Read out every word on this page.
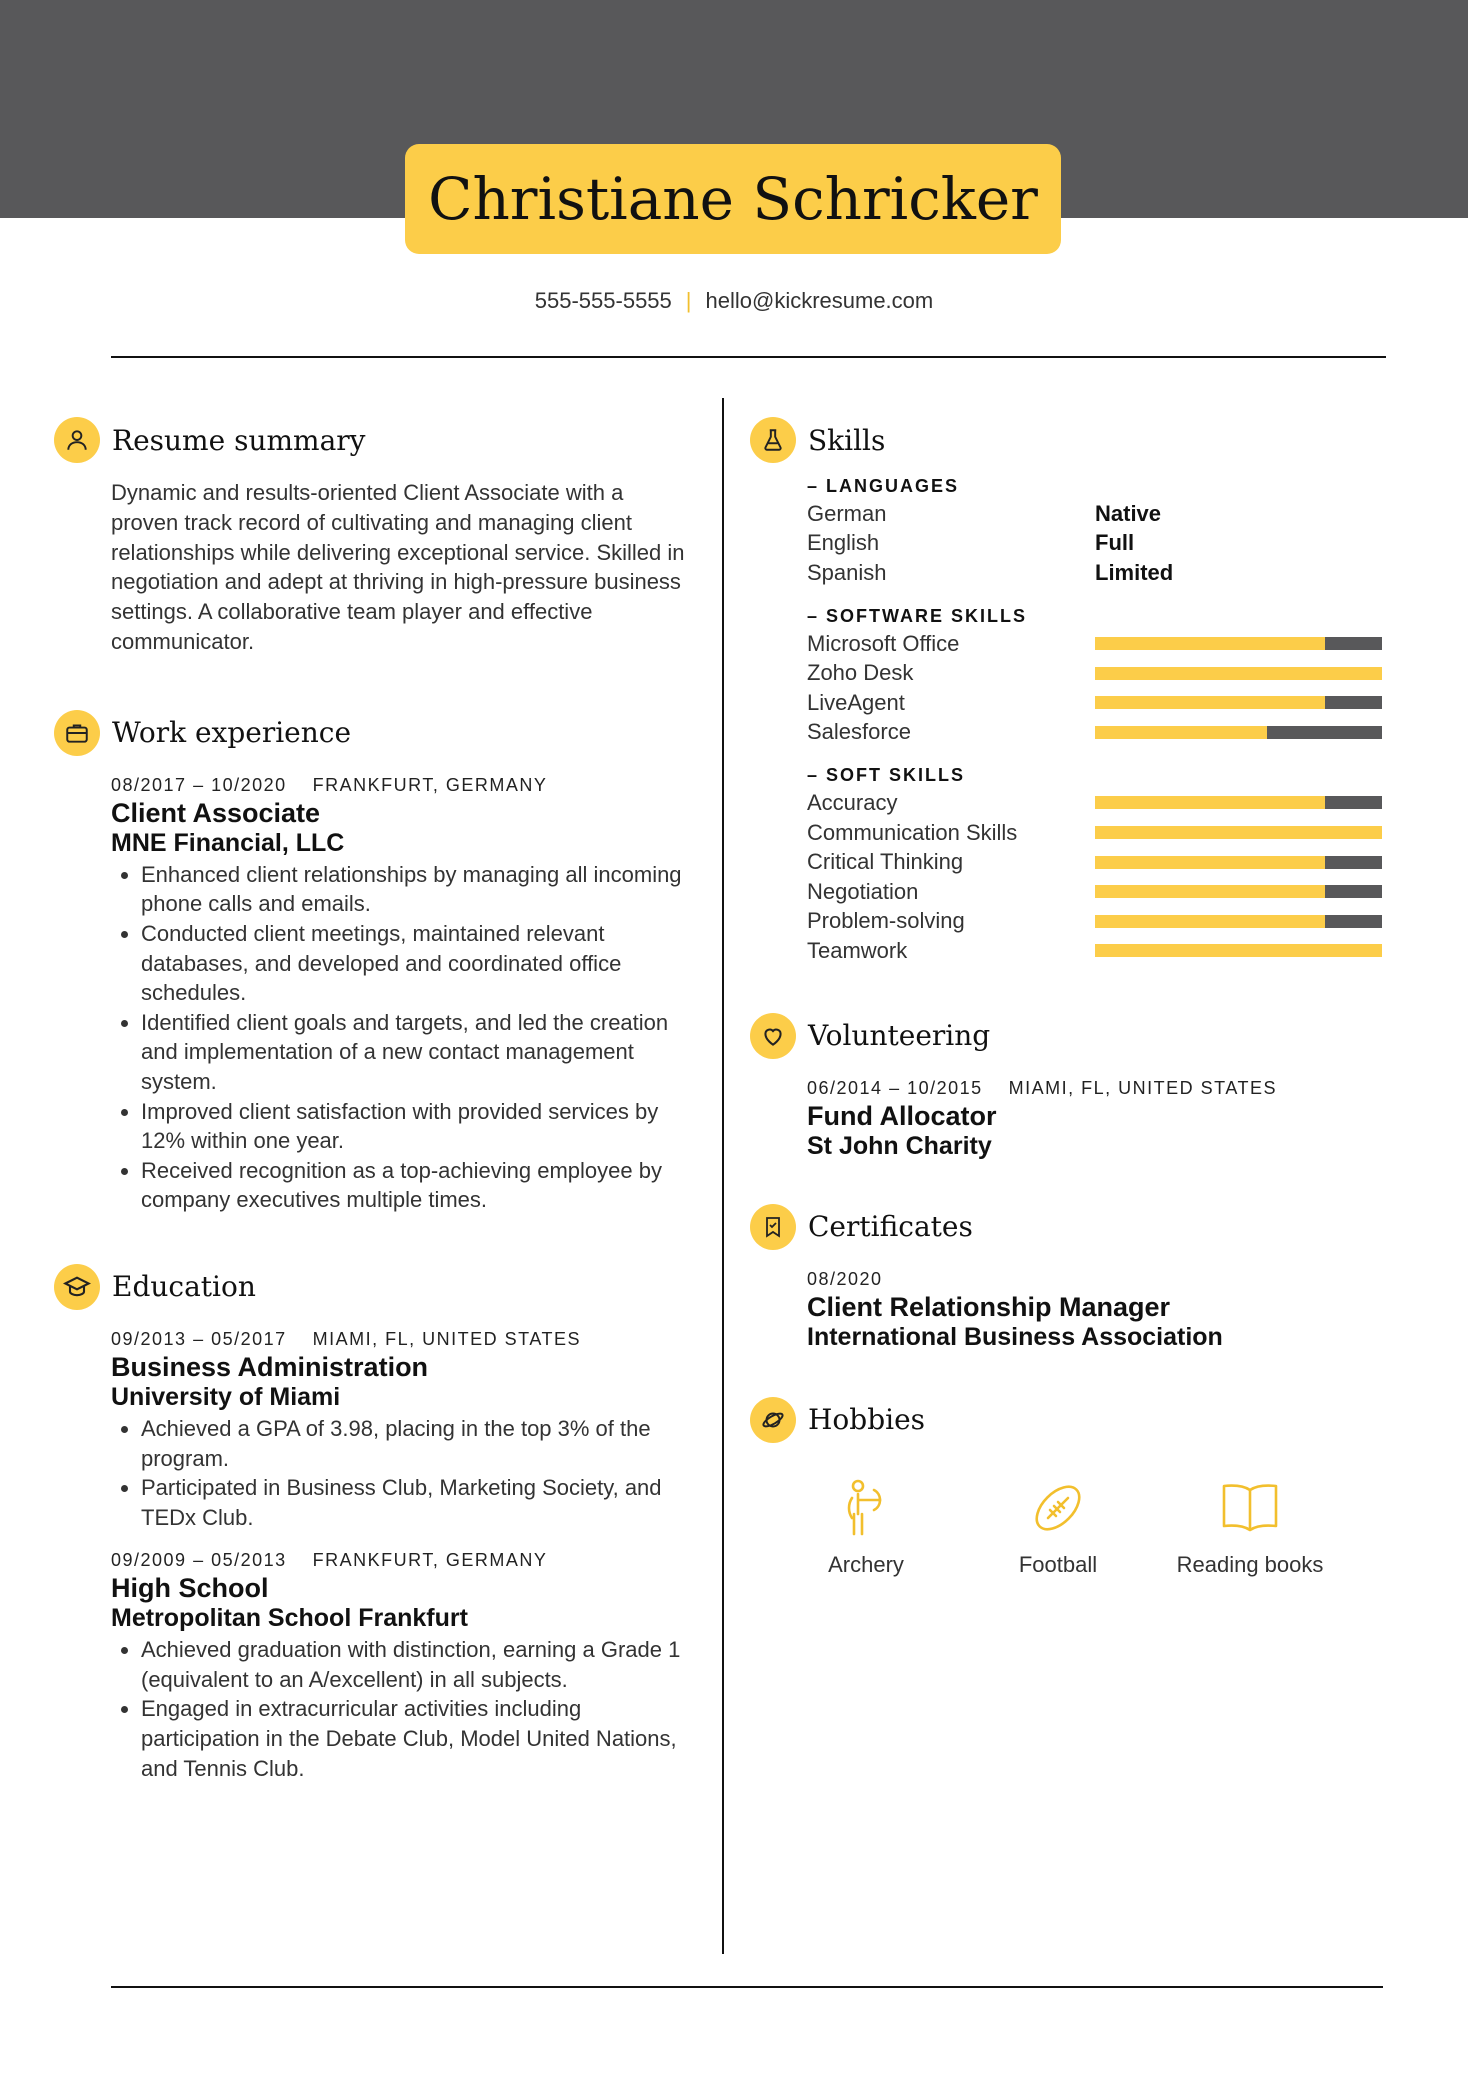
Christiane Schricker
555-555-5555 | hello@kickresume.com
Resume summary
Dynamic and results-oriented Client Associate with a proven track record of cultivating and managing client relationships while delivering exceptional service. Skilled in negotiation and adept at thriving in high-pressure business settings. A collaborative team player and effective communicator.
Work experience
08/2017 – 10/2020 FRANKFURT, GERMANY
Client Associate
MNE Financial, LLC
• Enhanced client relationships by managing all incoming phone calls and emails.
• Conducted client meetings, maintained relevant databases, and developed and coordinated office schedules.
• Identified client goals and targets, and led the creation and implementation of a new contact management system.
• Improved client satisfaction with provided services by 12% within one year.
• Received recognition as a top-achieving employee by company executives multiple times.
Education
09/2013 – 05/2017 MIAMI, FL, UNITED STATES
Business Administration
University of Miami
• Achieved a GPA of 3.98, placing in the top 3% of the program.
• Participated in Business Club, Marketing Society, and TEDx Club.
09/2009 – 05/2013 FRANKFURT, GERMANY
High School
Metropolitan School Frankfurt
• Achieved graduation with distinction, earning a Grade 1 (equivalent to an A/excellent) in all subjects.
• Engaged in extracurricular activities including participation in the Debate Club, Model United Nations, and Tennis Club.
Skills
– LANGUAGES
German	Native
English	Full
Spanish	Limited
– SOFTWARE SKILLS
Microsoft Office
Zoho Desk
LiveAgent
Salesforce
– SOFT SKILLS
Accuracy
Communication Skills
Critical Thinking
Negotiation
Problem-solving
Teamwork
Volunteering
06/2014 – 10/2015 MIAMI, FL, UNITED STATES
Fund Allocator
St John Charity
Certificates
08/2020
Client Relationship Manager
International Business Association
Hobbies
Archery	Football	Reading books
